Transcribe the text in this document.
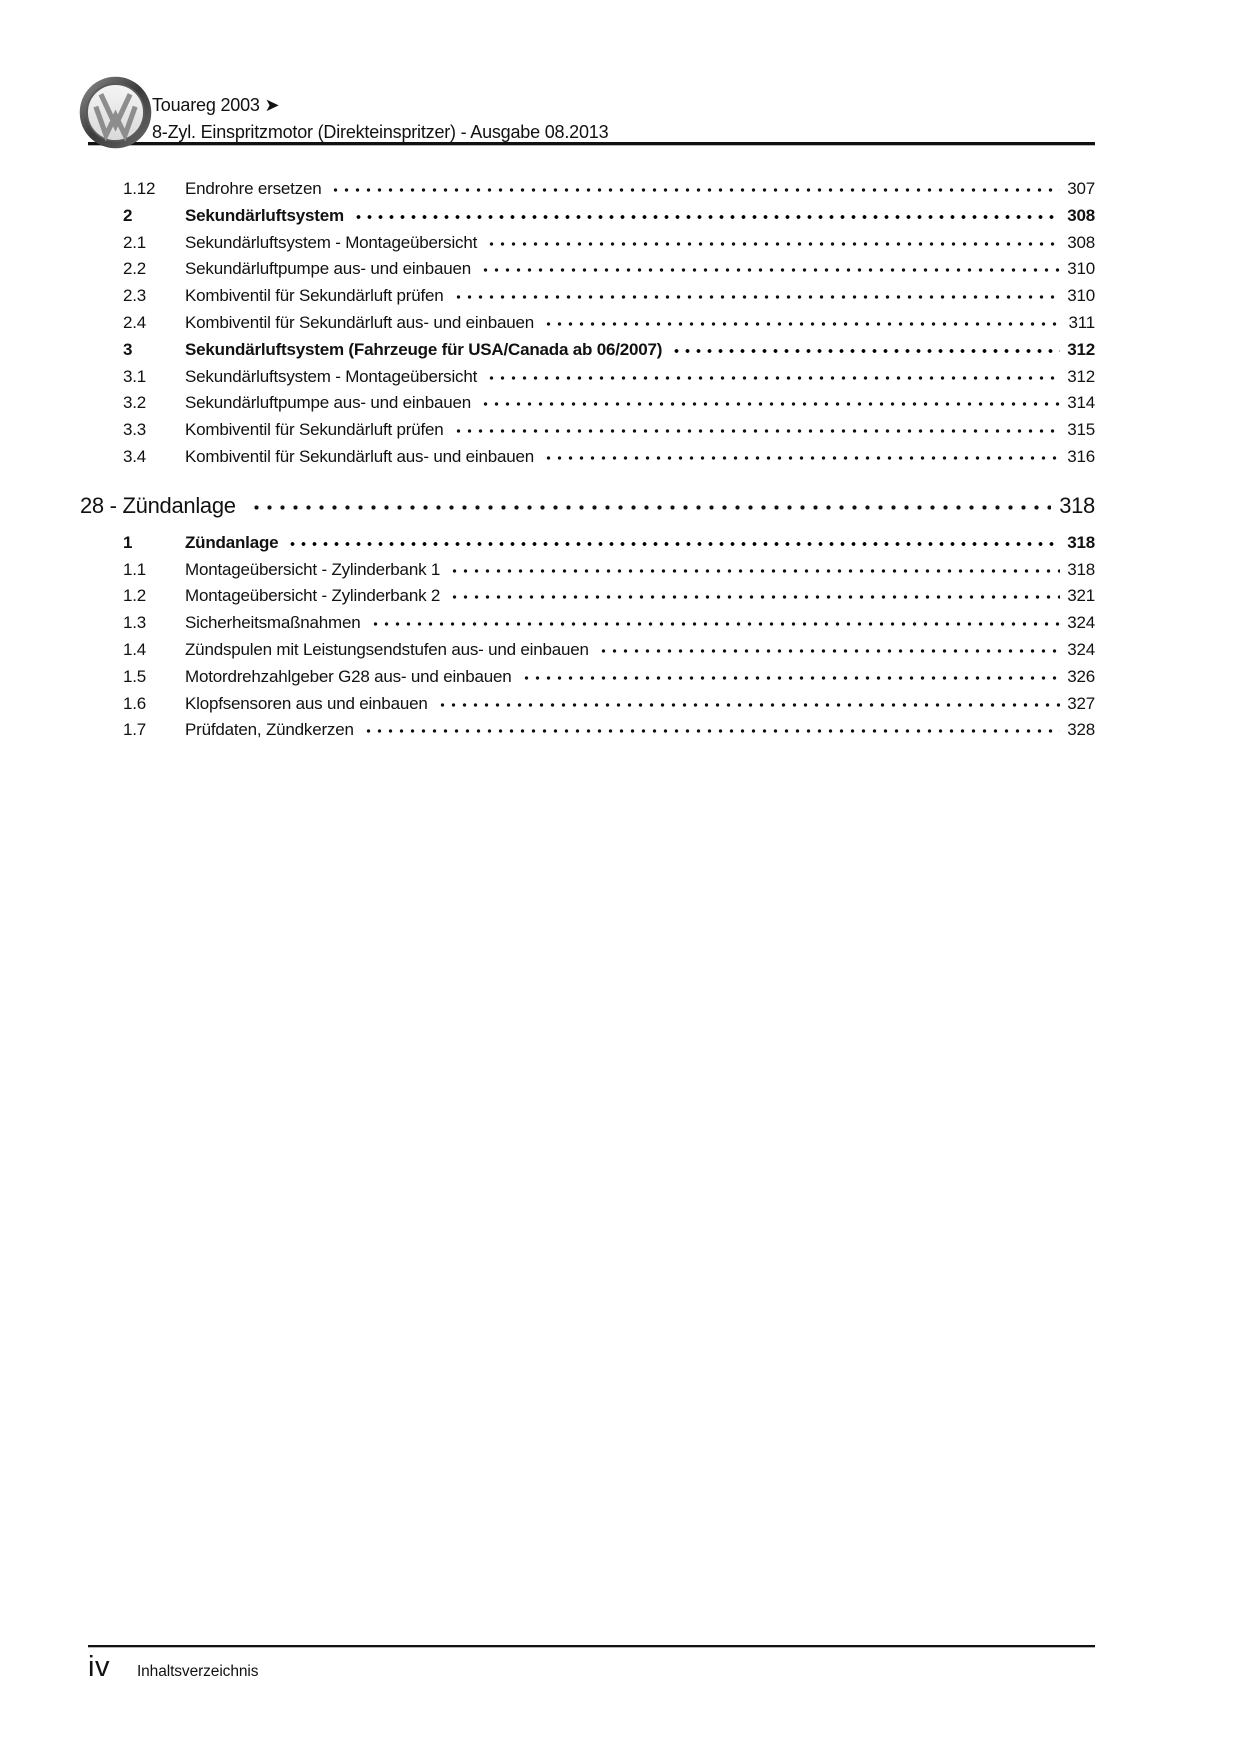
Touareg 2003 ➤
8-Zyl. Einspritzmotor (Direkteinspritzer) - Ausgabe 08.2013
1.12	Endrohre ersetzen	307
2	Sekundärluftsystem	308
2.1	Sekundärluftsystem - Montageübersicht	308
2.2	Sekundärluftpumpe aus- und einbauen	310
2.3	Kombiventil für Sekundärluft prüfen	310
2.4	Kombiventil für Sekundärluft aus- und einbauen	311
3	Sekundärluftsystem (Fahrzeuge für USA/Canada ab 06/2007)	312
3.1	Sekundärluftsystem - Montageübersicht	312
3.2	Sekundärluftpumpe aus- und einbauen	314
3.3	Kombiventil für Sekundärluft prüfen	315
3.4	Kombiventil für Sekundärluft aus- und einbauen	316
28 - Zündanlage	318
1	Zündanlage	318
1.1	Montageübersicht - Zylinderbank 1	318
1.2	Montageübersicht - Zylinderbank 2	321
1.3	Sicherheitsmaßnahmen	324
1.4	Zündspulen mit Leistungsendstufen aus- und einbauen	324
1.5	Motordrehzahlgeber G28 aus- und einbauen	326
1.6	Klopfsensoren aus und einbauen	327
1.7	Prüfdaten, Zündkerzen	328
iv Inhaltsverzeichnis
